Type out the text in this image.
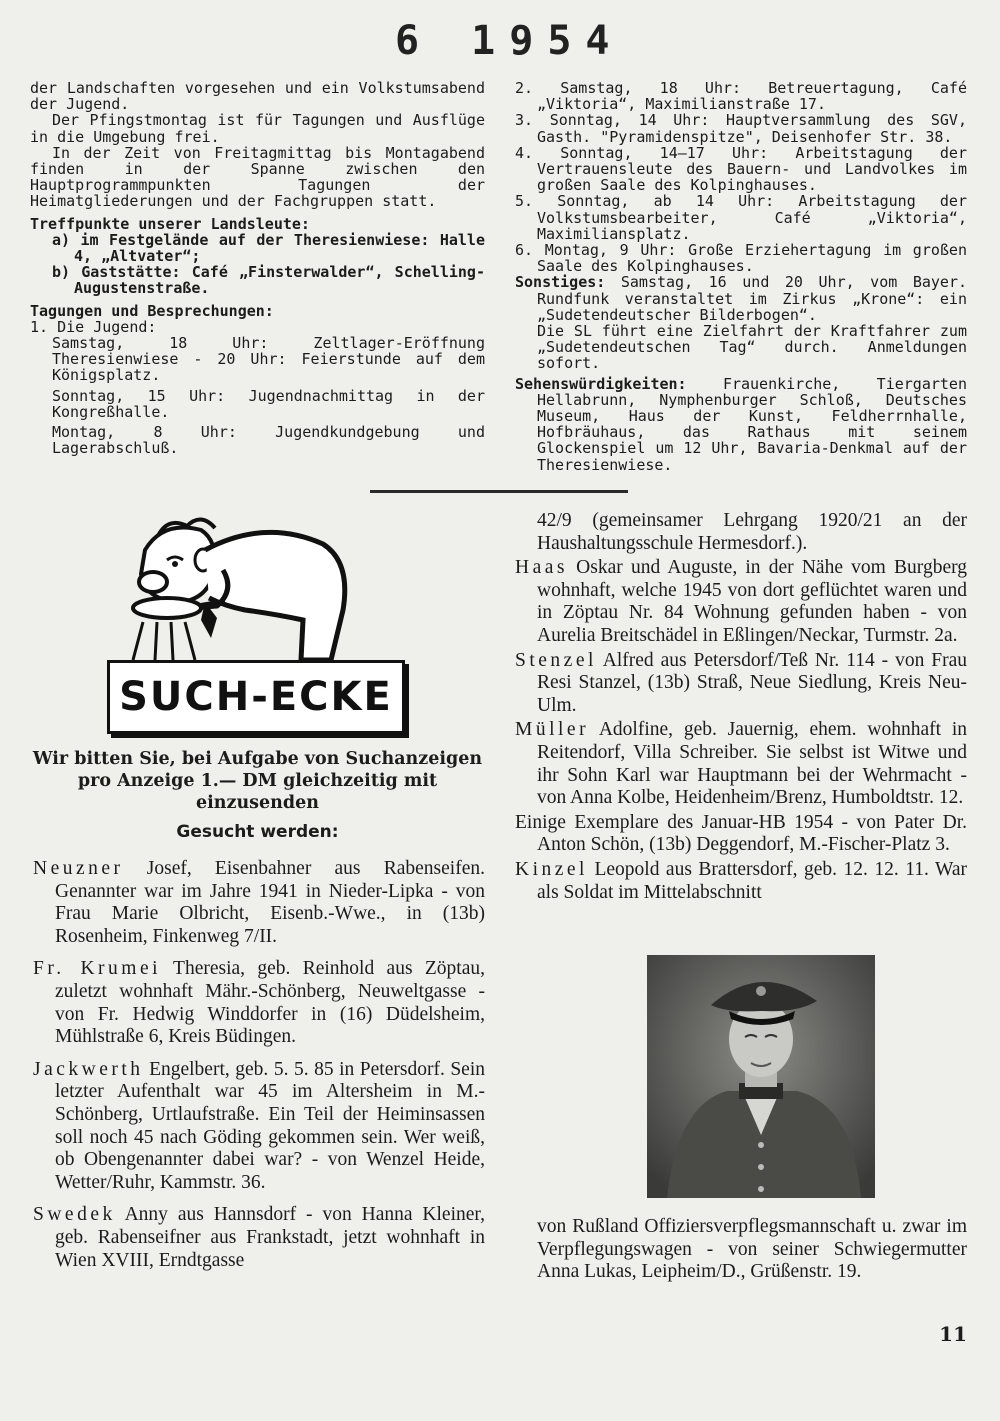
6 1954

der Landschaften vorgesehen und ein Volkstumsabend der Jugend.

Der Pfingstmontag ist für Tagungen und Ausflüge in die Umgebung frei.

In der Zeit von Freitagmittag bis Montagabend finden in der Spanne zwischen den Hauptprogrammpunkten Tagungen der Heimatgliederungen und der Fachgruppen statt.

Treffpunkte unserer Landsleute:

a) im Festgelände auf der Theresienwiese: Halle 4, „Altvater“;

b) Gaststätte: Café „Finsterwalder“, Schelling-Augustenstraße.

Tagungen und Besprechungen:

1. Die Jugend:

Samstag, 18 Uhr: Zeltlager-Eröffnung Theresienwiese - 20 Uhr: Feierstunde auf dem Königsplatz.

Sonntag, 15 Uhr: Jugendnachmittag in der Kongreßhalle.

Montag, 8 Uhr: Jugendkundgebung und Lagerabschluß.

2. Samstag, 18 Uhr: Betreuertagung, Café „Viktoria“, Maximilianstraße 17.

3. Sonntag, 14 Uhr: Hauptversammlung des SGV, Gasth. "Pyramidenspitze", Deisenhofer Str. 38.

4. Sonntag, 14—17 Uhr: Arbeitstagung der Vertrauensleute des Bauern- und Landvolkes im großen Saale des Kolpinghauses.

5. Sonntag, ab 14 Uhr: Arbeitstagung der Volkstumsbearbeiter, Café „Viktoria“, Maximiliansplatz.

6. Montag, 9 Uhr: Große Erziehertagung im großen Saale des Kolpinghauses.

Sonstiges: Samstag, 16 und 20 Uhr, vom Bayer. Rundfunk veranstaltet im Zirkus „Krone“: ein „Sudetendeutscher Bilderbogen“.

Die SL führt eine Zielfahrt der Kraftfahrer zum „Sudetendeutschen Tag“ durch. Anmeldungen sofort.

Sehenswürdigkeiten: Frauenkirche, Tiergarten Hellabrunn, Nymphenburger Schloß, Deutsches Museum, Haus der Kunst, Feldherrnhalle, Hofbräuhaus, das Rathaus mit seinem Glockenspiel um 12 Uhr, Bavaria-Denkmal auf der Theresienwiese.

SUCH-ECKE
Wir bitten Sie, bei Aufgabe von Suchanzeigen pro Anzeige 1.— DM gleichzeitig mit einzusenden
Gesucht werden:

Neuzner Josef, Eisenbahner aus Rabenseifen. Genannter war im Jahre 1941 in Nieder-Lipka - von Frau Marie Olbricht, Eisenb.-Wwe., in (13b) Rosenheim, Finkenweg 7/II.

Fr. Krumei Theresia, geb. Reinhold aus Zöptau, zuletzt wohnhaft Mähr.-Schönberg, Neuweltgasse - von Fr. Hedwig Winddorfer in (16) Düdelsheim, Mühlstraße 6, Kreis Büdingen.

Jackwerth Engelbert, geb. 5. 5. 85 in Petersdorf. Sein letzter Aufenthalt war 45 im Altersheim in M.-Schönberg, Urtlaufstraße. Ein Teil der Heiminsassen soll noch 45 nach Göding gekommen sein. Wer weiß, ob Obengenannter dabei war? - von Wenzel Heide, Wetter/Ruhr, Kammstr. 36.

Swedek Anny aus Hannsdorf - von Hanna Kleiner, geb. Rabenseifner aus Frankstadt, jetzt wohnhaft in Wien XVIII, Erndtgasse

42/9 (gemeinsamer Lehrgang 1920/21 an der Haushaltungsschule Hermesdorf.).

Haas Oskar und Auguste, in der Nähe vom Burgberg wohnhaft, welche 1945 von dort geflüchtet waren und in Zöptau Nr. 84 Wohnung gefunden haben - von Aurelia Breitschädel in Eßlingen/Neckar, Turmstr. 2a.

Stenzel Alfred aus Petersdorf/Teß Nr. 114 - von Frau Resi Stanzel, (13b) Straß, Neue Siedlung, Kreis Neu-Ulm.

Müller Adolfine, geb. Jauernig, ehem. wohnhaft in Reitendorf, Villa Schreiber. Sie selbst ist Witwe und ihr Sohn Karl war Hauptmann bei der Wehrmacht - von Anna Kolbe, Heidenheim/Brenz, Humboldtstr. 12.

Einige Exemplare des Januar-HB 1954 - von Pater Dr. Anton Schön, (13b) Deggendorf, M.-Fischer-Platz 3.

Kinzel Leopold aus Brattersdorf, geb. 12. 12. 11. War als Soldat im Mittelabschnitt

von Rußland Offiziersverpflegsmannschaft u. zwar im Verpflegungswagen - von seiner Schwiegermutter Anna Lukas, Leipheim/D., Grüßenstr. 19.
11
